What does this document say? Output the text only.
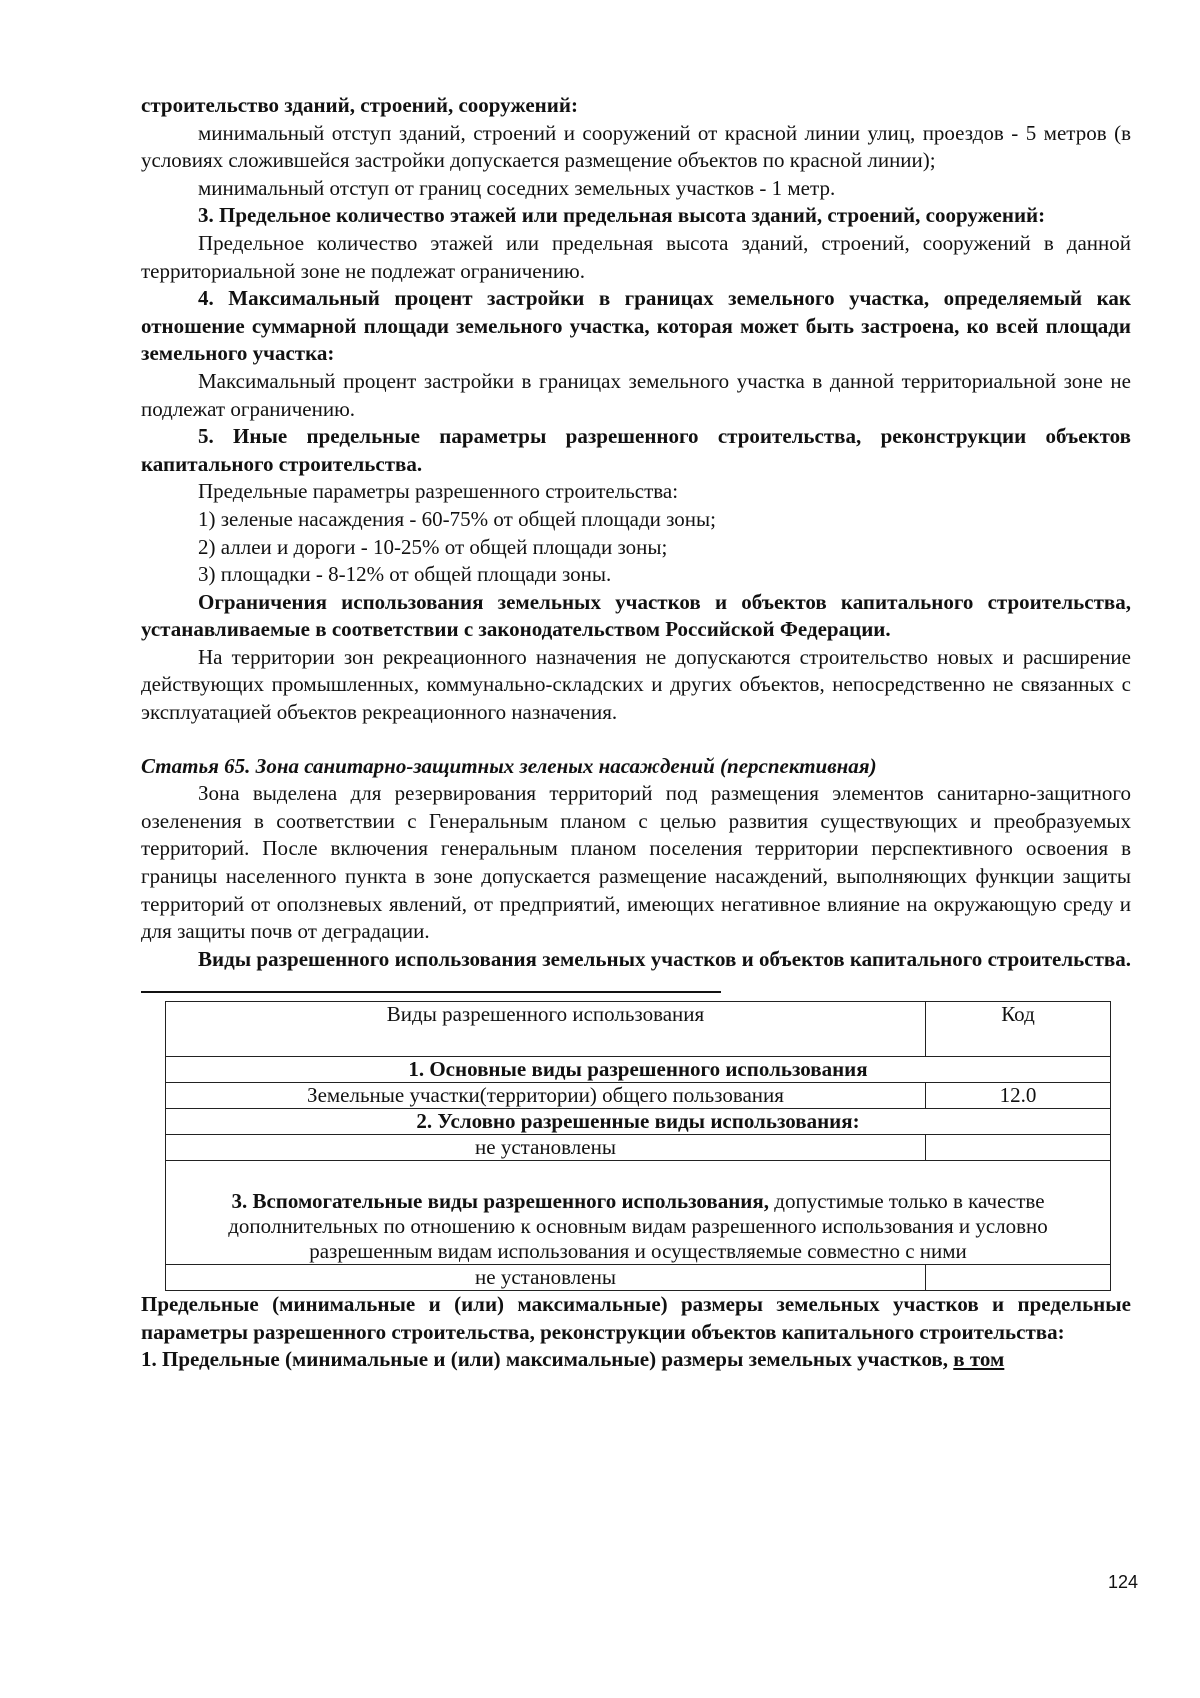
строительство зданий, строений, сооружений:

минимальный отступ зданий, строений и сооружений от красной линии улиц, проездов - 5 метров (в условиях сложившейся застройки допускается размещение объектов по красной линии);

минимальный отступ от границ соседних земельных участков - 1 метр.

3. Предельное количество этажей или предельная высота зданий, строений, сооружений:

Предельное количество этажей или предельная высота зданий, строений, сооружений в данной территориальной зоне не подлежат ограничению.

4. Максимальный процент застройки в границах земельного участка, определяемый как отношение суммарной площади земельного участка, которая может быть застроена, ко всей площади земельного участка:

Максимальный процент застройки в границах земельного участка в данной территориальной зоне не подлежат ограничению.

5. Иные предельные параметры разрешенного строительства, реконструкции объектов капитального строительства.

Предельные параметры разрешенного строительства:

1) зеленые насаждения - 60-75% от общей площади зоны;

2) аллеи и дороги - 10-25% от общей площади зоны;

3) площадки - 8-12% от общей площади зоны.

Ограничения использования земельных участков и объектов капитального строительства, устанавливаемые в соответствии с законодательством Российской Федерации.

На территории зон рекреационного назначения не допускаются строительство новых и расширение действующих промышленных, коммунально-складских и других объектов, непосредственно не связанных с эксплуатацией объектов рекреационного назначения.

Статья 65. Зона санитарно-защитных зеленых насаждений (перспективная)

Зона выделена для резервирования территорий под размещения элементов санитарно-защитного озеленения в соответствии с Генеральным планом с целью развития существующих и преобразуемых территорий. После включения генеральным планом поселения территории перспективного освоения в границы населенного пункта в зоне допускается размещение насаждений, выполняющих функции защиты территорий от оползневых явлений, от предприятий, имеющих негативное влияние на окружающую среду и для защиты почв от деградации.

Виды разрешенного использования земельных участков и объектов капитального строительства.

Виды разрешенного использования	Код
1. Основные виды разрешенного использования	
Земельные участки(территории) общего пользования	12.0
2. Условно разрешенные виды использования:	
не установлены	
3. Вспомогательные виды разрешенного использования, допустимые только в качестве дополнительных по отношению к основным видам разрешенного использования и условно разрешенным видам использования и осуществляемые совместно с ними	
не установлены	

Предельные (минимальные и (или) максимальные) размеры земельных участков и предельные параметры разрешенного строительства, реконструкции объектов капитального строительства:

1. Предельные (минимальные и (или) максимальные) размеры земельных участков, в том

124
